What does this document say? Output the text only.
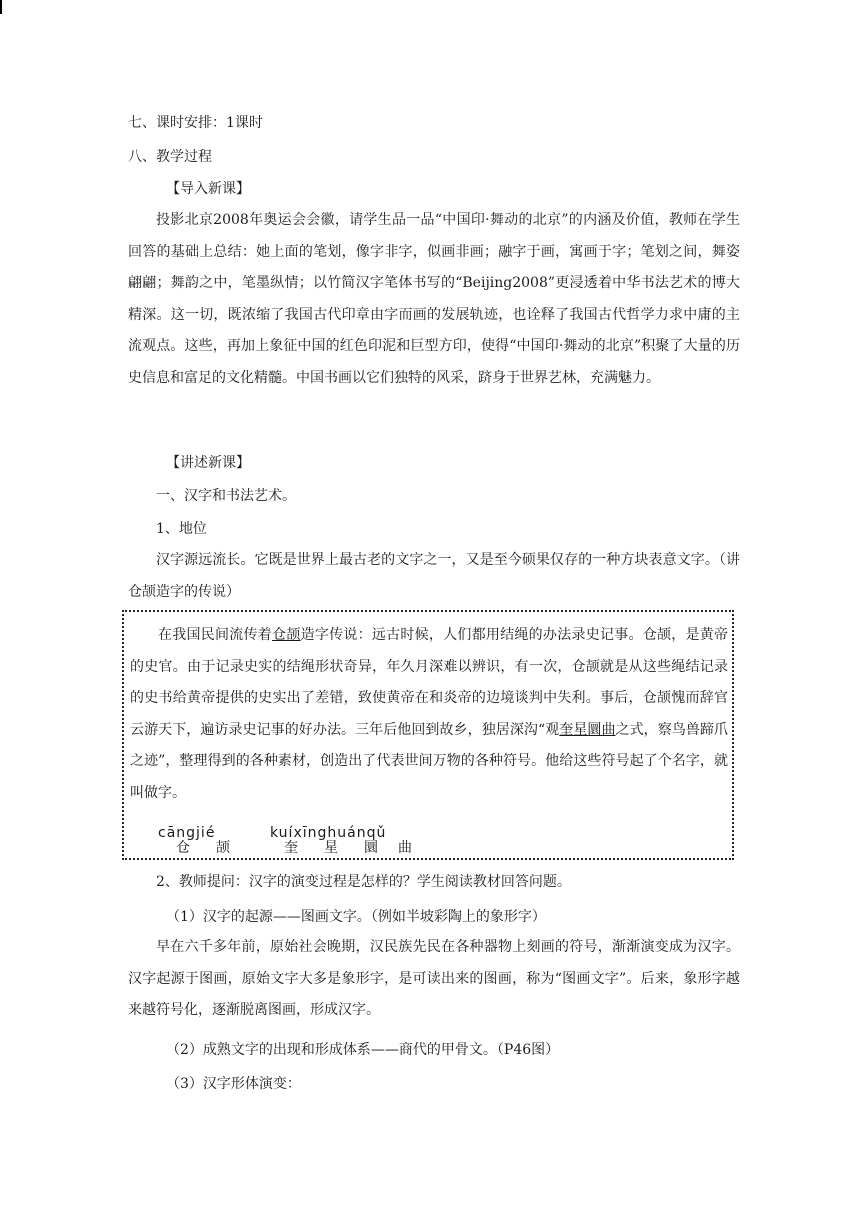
七、课时安排：1课时
八、教学过程
【导入新课】
投影北京2008年奥运会会徽，请学生品一品“中国印·舞动的北京”的内涵及价值，教师在学生回答的基础上总结：她上面的笔划，像字非字，似画非画；融字于画，寓画于字；笔划之间，舞姿翩翩；舞韵之中，笔墨纵情；以竹简汉字笔体书写的“Beijing2008”更浸透着中华书法艺术的博大精深。这一切，既浓缩了我国古代印章由字而画的发展轨迹，也诠释了我国古代哲学力求中庸的主流观点。这些，再加上象征中国的红色印泥和巨型方印，使得“中国印·舞动的北京”积聚了大量的历史信息和富足的文化精髓。中国书画以它们独特的风采，跻身于世界艺林，充满魅力。
【讲述新课】
一、汉字和书法艺术。
1、地位
汉字源远流长。它既是世界上最古老的文字之一，又是至今硕果仅存的一种方块表意文字。（讲仓颉造字的传说）
在我国民间流传着仓颉造字传说：远古时候，人们都用结绳的办法录史记事。仓颉，是黄帝的史官。由于记录史实的结绳形状奇异，年久月深难以辨识，有一次，仓颉就是从这些绳结记录的史书给黄帝提供的史实出了差错，致使黄帝在和炎帝的边境谈判中失利。事后，仓颉愧而辞官云游天下，遍访录史记事的好办法。三年后他回到故乡，独居深沟“观奎星圜曲之式，察鸟兽蹄爪之迹”，整理得到的各种素材，创造出了代表世间万物的各种符号。他给这些符号起了个名字，就叫做字。
cāngjié	kuíxīnghuánqǔ
仓 颉	奎 星 圜 曲
2、教师提问：汉字的演变过程是怎样的？学生阅读教材回答问题。
（1）汉字的起源——图画文字。（例如半坡彩陶上的象形字）
早在六千多年前，原始社会晚期，汉民族先民在各种器物上刻画的符号，渐渐演变成为汉字。汉字起源于图画，原始文字大多是象形字，是可读出来的图画，称为“图画文字”。后来，象形字越来越符号化，逐渐脱离图画，形成汉字。
（2）成熟文字的出现和形成体系——商代的甲骨文。（P46图）
（3）汉字形体演变：
